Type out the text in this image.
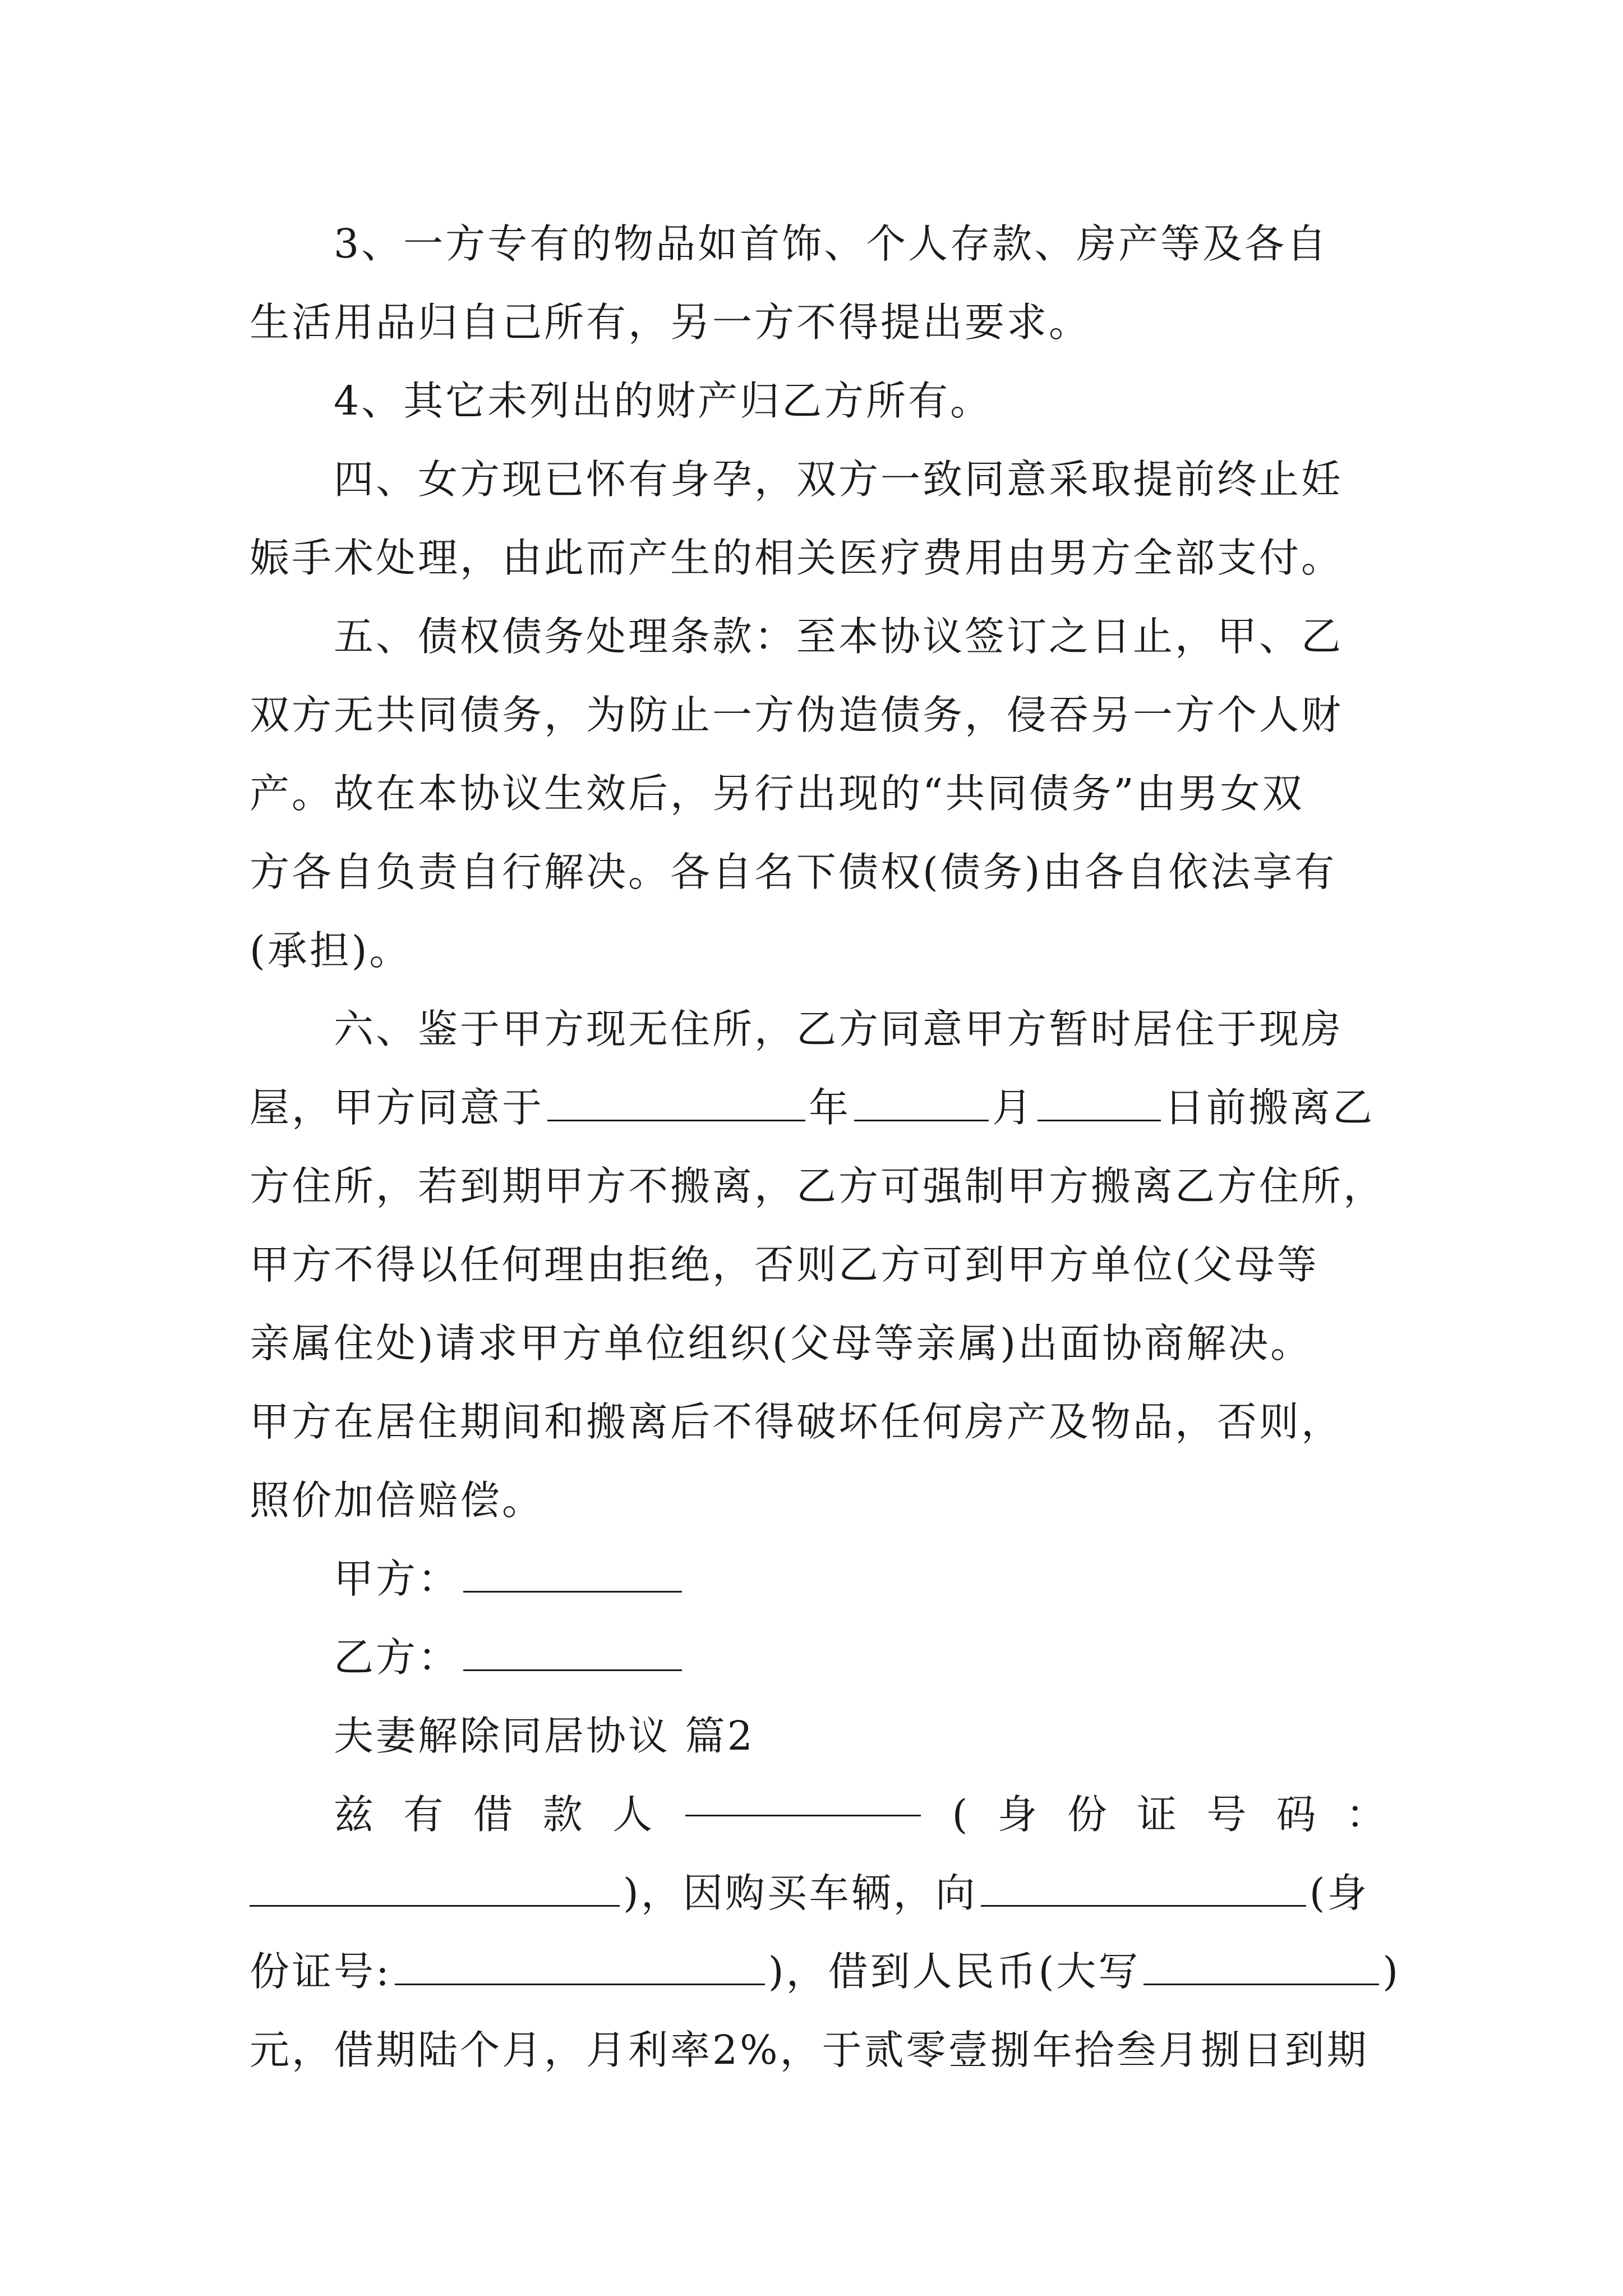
3、一方专有的物品如首饰、个人存款、房产等及各自
生活用品归自己所有，另一方不得提出要求。
4、其它未列出的财产归乙方所有。
四、女方现已怀有身孕，双方一致同意采取提前终止妊
娠手术处理，由此而产生的相关医疗费用由男方全部支付。
五、债权债务处理条款：至本协议签订之日止，甲、乙
双方无共同债务，为防止一方伪造债务，侵吞另一方个人财
产。故在本协议生效后，另行出现的“共同债务”由男女双
方各自负责自行解决。各自名下债权(债务)由各自依法享有
(承担)。
六、鉴于甲方现无住所，乙方同意甲方暂时居住于现房
屋，甲方同意于	年	月	日前搬离乙
方住所，若到期甲方不搬离，乙方可强制甲方搬离乙方住所，
甲方不得以任何理由拒绝，否则乙方可到甲方单位(父母等
亲属住处)请求甲方单位组织(父母等亲属)出面协商解决。
甲方在居住期间和搬离后不得破坏任何房产及物品，否则，
照价加倍赔偿。
甲方：
乙方：
夫妻解除同居协议 篇2
兹 有 借 款 人	( 身 份 证 号 码 ：
)，因购买车辆，向	(身
份证号:	)，借到人民币(大写	)
元，借期陆个月，月利率2%，于贰零壹捌年拾叁月捌日到期
